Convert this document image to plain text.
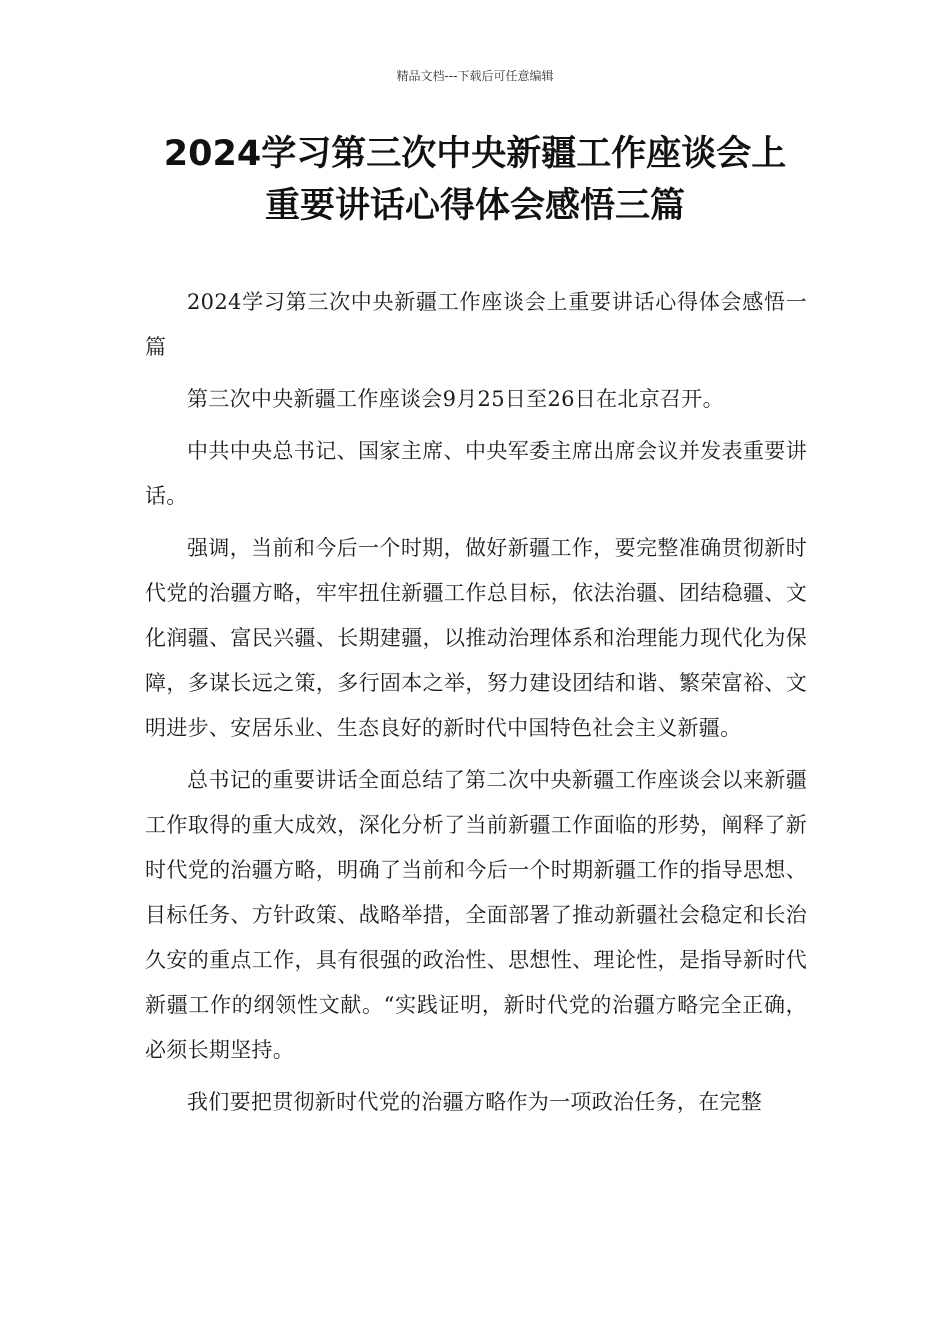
精品文档---下载后可任意编辑
2024学习第三次中央新疆工作座谈会上
重要讲话心得体会感悟三篇

2024学习第三次中央新疆工作座谈会上重要讲话心得体会感悟一篇

第三次中央新疆工作座谈会9月25日至26日在北京召开。

中共中央总书记、国家主席、中央军委主席出席会议并发表重要讲话。

强调，当前和今后一个时期，做好新疆工作，要完整准确贯彻新时代党的治疆方略，牢牢扭住新疆工作总目标，依法治疆、团结稳疆、文化润疆、富民兴疆、长期建疆，以推动治理体系和治理能力现代化为保障，多谋长远之策，多行固本之举，努力建设团结和谐、繁荣富裕、文明进步、安居乐业、生态良好的新时代中国特色社会主义新疆。

总书记的重要讲话全面总结了第二次中央新疆工作座谈会以来新疆工作取得的重大成效，深化分析了当前新疆工作面临的形势，阐释了新时代党的治疆方略，明确了当前和今后一个时期新疆工作的指导思想、目标任务、方针政策、战略举措，全面部署了推动新疆社会稳定和长治久安的重点工作，具有很强的政治性、思想性、理论性，是指导新时代新疆工作的纲领性文献。“实践证明，新时代党的治疆方略完全正确，必须长期坚持。

我们要把贯彻新时代党的治疆方略作为一项政治任务，在完整
